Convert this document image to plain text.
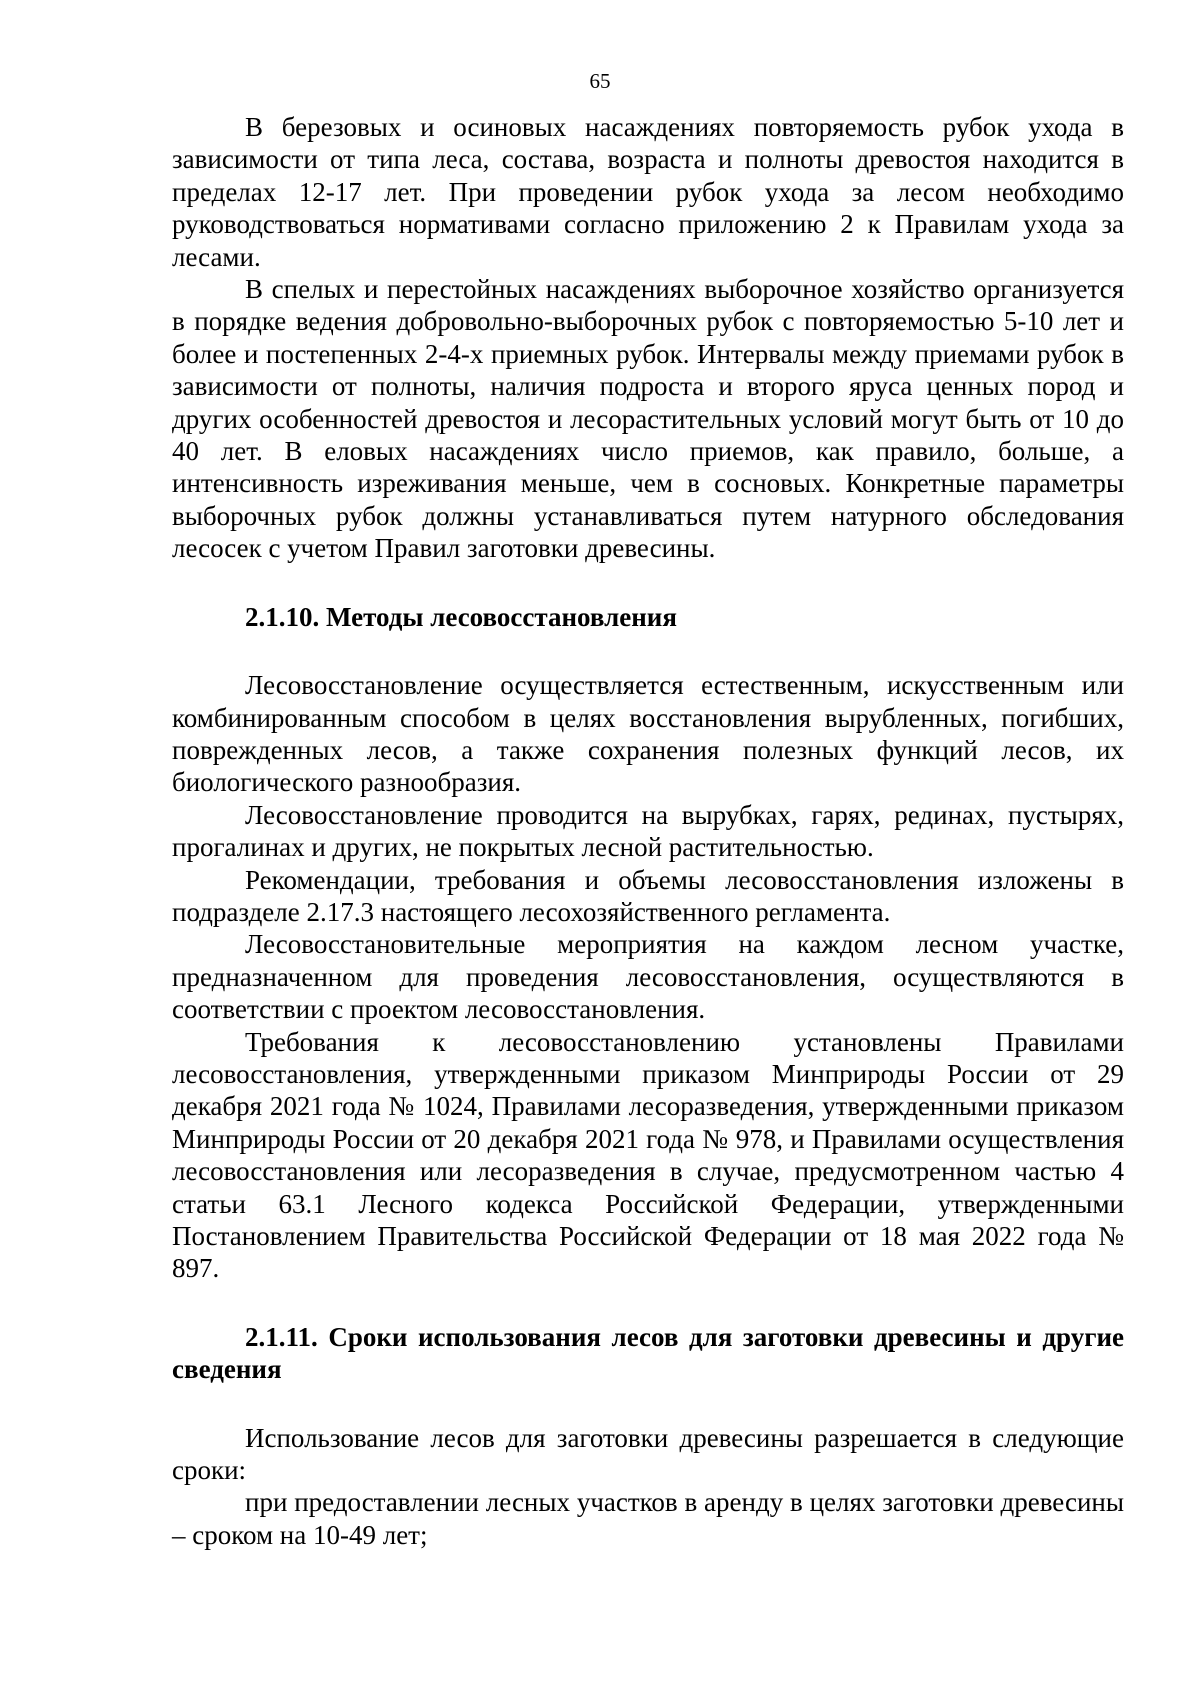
65

В березовых и осиновых насаждениях повторяемость рубок ухода в зависимости от типа леса, состава, возраста и полноты древостоя находится в пределах 12-17 лет. При проведении рубок ухода за лесом необходимо руководствоваться нормативами согласно приложению 2 к Правилам ухода за лесами.

В спелых и перестойных насаждениях выборочное хозяйство организуется в порядке ведения добровольно-выборочных рубок с повторяемостью 5-10 лет и более и постепенных 2-4-х приемных рубок. Интервалы между приемами рубок в зависимости от полноты, наличия подроста и второго яруса ценных пород и других особенностей древостоя и лесорастительных условий могут быть от 10 до 40 лет. В еловых насаждениях число приемов, как правило, больше, а интенсивность изреживания меньше, чем в сосновых. Конкретные параметры выборочных рубок должны устанавливаться путем натурного обследования лесосек с учетом Правил заготовки древесины.

2.1.10. Методы лесовосстановления

Лесовосстановление осуществляется естественным, искусственным или комбинированным способом в целях восстановления вырубленных, погибших, поврежденных лесов, а также сохранения полезных функций лесов, их биологического разнообразия.

Лесовосстановление проводится на вырубках, гарях, рединах, пустырях, прогалинах и других, не покрытых лесной растительностью.

Рекомендации, требования и объемы лесовосстановления изложены в подразделе 2.17.3 настоящего лесохозяйственного регламента.

Лесовосстановительные мероприятия на каждом лесном участке, предназначенном для проведения лесовосстановления, осуществляются в соответствии с проектом лесовосстановления.

Требования к лесовосстановлению установлены Правилами лесовосстановления, утвержденными приказом Минприроды России от 29 декабря 2021 года № 1024, Правилами лесоразведения, утвержденными приказом Минприроды России от 20 декабря 2021 года № 978, и Правилами осуществления лесовосстановления или лесоразведения в случае, предусмотренном частью 4 статьи 63.1 Лесного кодекса Российской Федерации, утвержденными Постановлением Правительства Российской Федерации от 18 мая 2022 года № 897.

2.1.11. Сроки использования лесов для заготовки древесины и другие сведения

Использование лесов для заготовки древесины разрешается в следующие сроки:

при предоставлении лесных участков в аренду в целях заготовки древесины – сроком на 10-49 лет;
